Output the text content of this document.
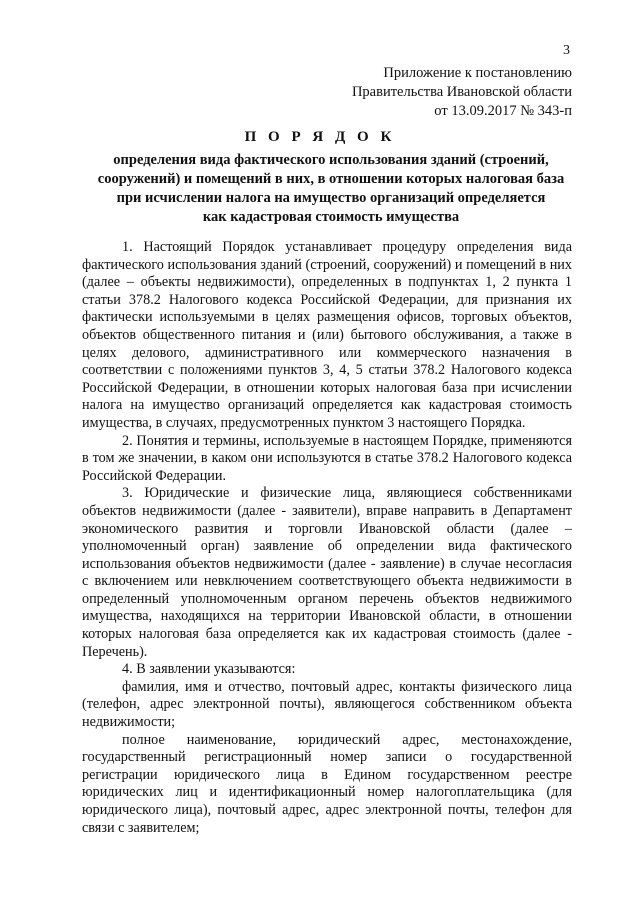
3
Приложение к постановлению
Правительства Ивановской области
от 13.09.2017 № 343-п
П О Р Я Д О К
определения вида фактического использования зданий (строений,
сооружений) и помещений в них, в отношении которых налоговая база
при исчислении налога на имущество организаций определяется
как кадастровая стоимость имущества

1. Настоящий Порядок устанавливает процедуру определения вида фактического использования зданий (строений, сооружений) и помещений в них (далее – объекты недвижимости), определенных в подпунктах 1, 2 пункта 1 статьи 378.2 Налогового кодекса Российской Федерации, для признания их фактически используемыми в целях размещения офисов, торговых объектов, объектов общественного питания и (или) бытового обслуживания, а также в целях делового, административного или коммерческого назначения в соответствии с положениями пунктов 3, 4, 5 статьи 378.2 Налогового кодекса Российской Федерации, в отношении которых налоговая база при исчислении налога на имущество организаций определяется как кадастровая стоимость имущества, в случаях, предусмотренных пунктом 3 настоящего Порядка.

2. Понятия и термины, используемые в настоящем Порядке, применяются в том же значении, в каком они используются в статье 378.2 Налогового кодекса Российской Федерации.

3. Юридические и физические лица, являющиеся собственниками объектов недвижимости (далее - заявители), вправе направить в Департамент экономического развития и торговли Ивановской области (далее – уполномоченный орган) заявление об определении вида фактического использования объектов недвижимости (далее - заявление) в случае несогласия с включением или невключением соответствующего объекта недвижимости в определенный уполномоченным органом перечень объектов недвижимого имущества, находящихся на территории Ивановской области, в отношении которых налоговая база определяется как их кадастровая стоимость (далее - Перечень).

4. В заявлении указываются:

фамилия, имя и отчество, почтовый адрес, контакты физического лица (телефон, адрес электронной почты), являющегося собственником объекта недвижимости;

полное наименование, юридический адрес, местонахождение, государственный регистрационный номер записи о государственной регистрации юридического лица в Едином государственном реестре юридических лиц и идентификационный номер налогоплательщика (для юридического лица), почтовый адрес, адрес электронной почты, телефон для связи с заявителем;
